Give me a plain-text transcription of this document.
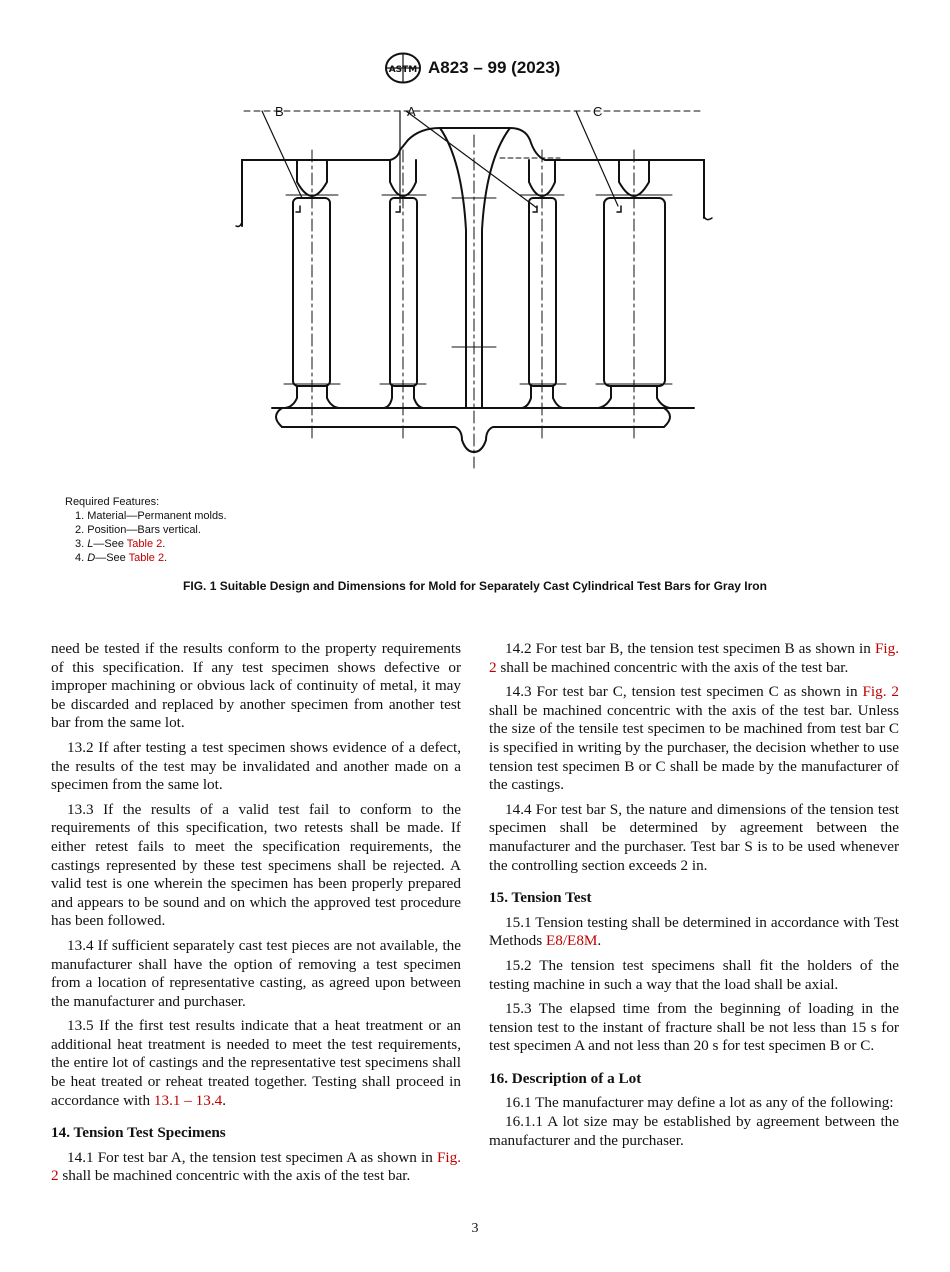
ASTM A823 – 99 (2023)
B	A	C
Required Features:
1. Material—Permanent molds.
2. Position—Bars vertical.
3. L—See Table 2.
4. D—See Table 2.
FIG. 1 Suitable Design and Dimensions for Mold for Separately Cast Cylindrical Test Bars for Gray Iron

need be tested if the results conform to the property requirements of this specification. If any test specimen shows defective or improper machining or obvious lack of continuity of metal, it may be discarded and replaced by another specimen from another test bar from the same lot.

13.2 If after testing a test specimen shows evidence of a defect, the results of the test may be invalidated and another made on a specimen from the same lot.

13.3 If the results of a valid test fail to conform to the requirements of this specification, two retests shall be made. If either retest fails to meet the specification requirements, the castings represented by these test specimens shall be rejected. A valid test is one wherein the specimen has been properly prepared and appears to be sound and on which the approved test procedure has been followed.

13.4 If sufficient separately cast test pieces are not available, the manufacturer shall have the option of removing a test specimen from a location of representative casting, as agreed upon between the manufacturer and purchaser.

13.5 If the first test results indicate that a heat treatment or an additional heat treatment is needed to meet the test requirements, the entire lot of castings and the representative test specimens shall be heat treated or reheat treated together. Testing shall proceed in accordance with 13.1 – 13.4.

14. Tension Test Specimens

14.1 For test bar A, the tension test specimen A as shown in Fig. 2 shall be machined concentric with the axis of the test bar.

14.2 For test bar B, the tension test specimen B as shown in Fig. 2 shall be machined concentric with the axis of the test bar.

14.3 For test bar C, tension test specimen C as shown in Fig. 2 shall be machined concentric with the axis of the test bar. Unless the size of the tensile test specimen to be machined from test bar C is specified in writing by the purchaser, the decision whether to use tension test specimen B or C shall be made by the manufacturer of the castings.

14.4 For test bar S, the nature and dimensions of the tension test specimen shall be determined by agreement between the manufacturer and the purchaser. Test bar S is to be used whenever the controlling section exceeds 2 in.

15. Tension Test

15.1 Tension testing shall be determined in accordance with Test Methods E8/E8M.

15.2 The tension test specimens shall fit the holders of the testing machine in such a way that the load shall be axial.

15.3 The elapsed time from the beginning of loading in the tension test to the instant of fracture shall be not less than 15 s for test specimen A and not less than 20 s for test specimen B or C.

16. Description of a Lot

16.1 The manufacturer may define a lot as any of the following:

16.1.1 A lot size may be established by agreement between the manufacturer and the purchaser.

3
